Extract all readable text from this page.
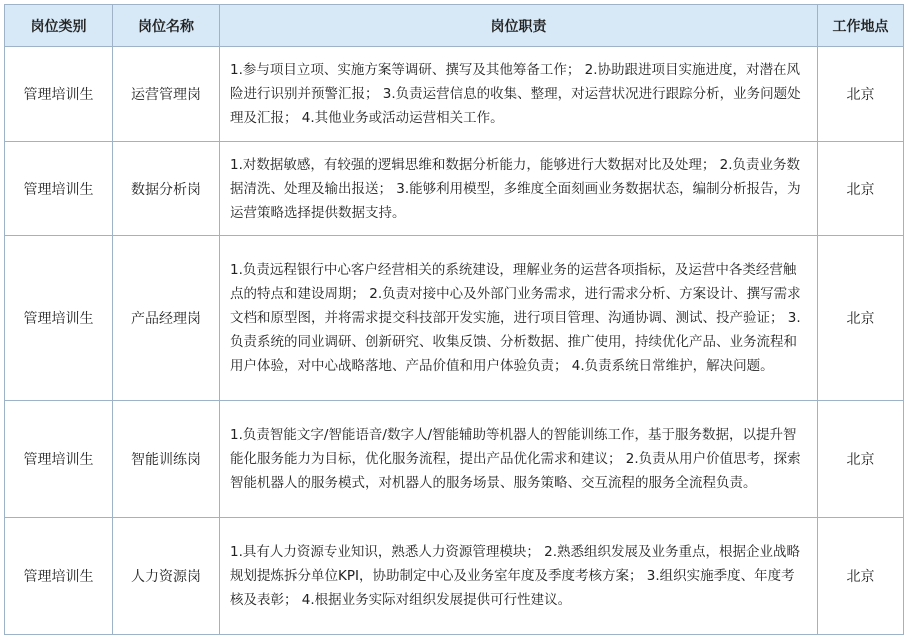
岗位类别	岗位名称	岗位职责	工作地点
管理培训生	运营管理岗	1.参与项目立项、实施方案等调研、撰写及其他筹备工作； 2.协助跟进项目实施进度，对潜在风险进行识别并预警汇报； 3.负责运营信息的收集、整理，对运营状况进行跟踪分析，业务问题处理及汇报； 4.其他业务或活动运营相关工作。	北京
管理培训生	数据分析岗	1.对数据敏感，有较强的逻辑思维和数据分析能力，能够进行大数据对比及处理； 2.负责业务数据清洗、处理及输出报送； 3.能够利用模型，多维度全面刻画业务数据状态，编制分析报告，为运营策略选择提供数据支持。	北京
管理培训生	产品经理岗	1.负责远程银行中心客户经营相关的系统建设，理解业务的运营各项指标，及运营中各类经营触点的特点和建设周期； 2.负责对接中心及外部门业务需求，进行需求分析、方案设计、撰写需求文档和原型图，并将需求提交科技部开发实施，进行项目管理、沟通协调、测试、投产验证； 3.负责系统的同业调研、创新研究、收集反馈、分析数据、推广使用，持续优化产品、业务流程和用户体验，对中心战略落地、产品价值和用户体验负责； 4.负责系统日常维护，解决问题。	北京
管理培训生	智能训练岗	1.负责智能文字/智能语音/数字人/智能辅助等机器人的智能训练工作，基于服务数据，以提升智能化服务能力为目标，优化服务流程，提出产品优化需求和建议； 2.负责从用户价值思考，探索智能机器人的服务模式，对机器人的服务场景、服务策略、交互流程的服务全流程负责。	北京
管理培训生	人力资源岗	1.具有人力资源专业知识，熟悉人力资源管理模块； 2.熟悉组织发展及业务重点，根据企业战略规划提炼拆分单位KPI，协助制定中心及业务室年度及季度考核方案； 3.组织实施季度、年度考核及表彰； 4.根据业务实际对组织发展提供可行性建议。	北京
